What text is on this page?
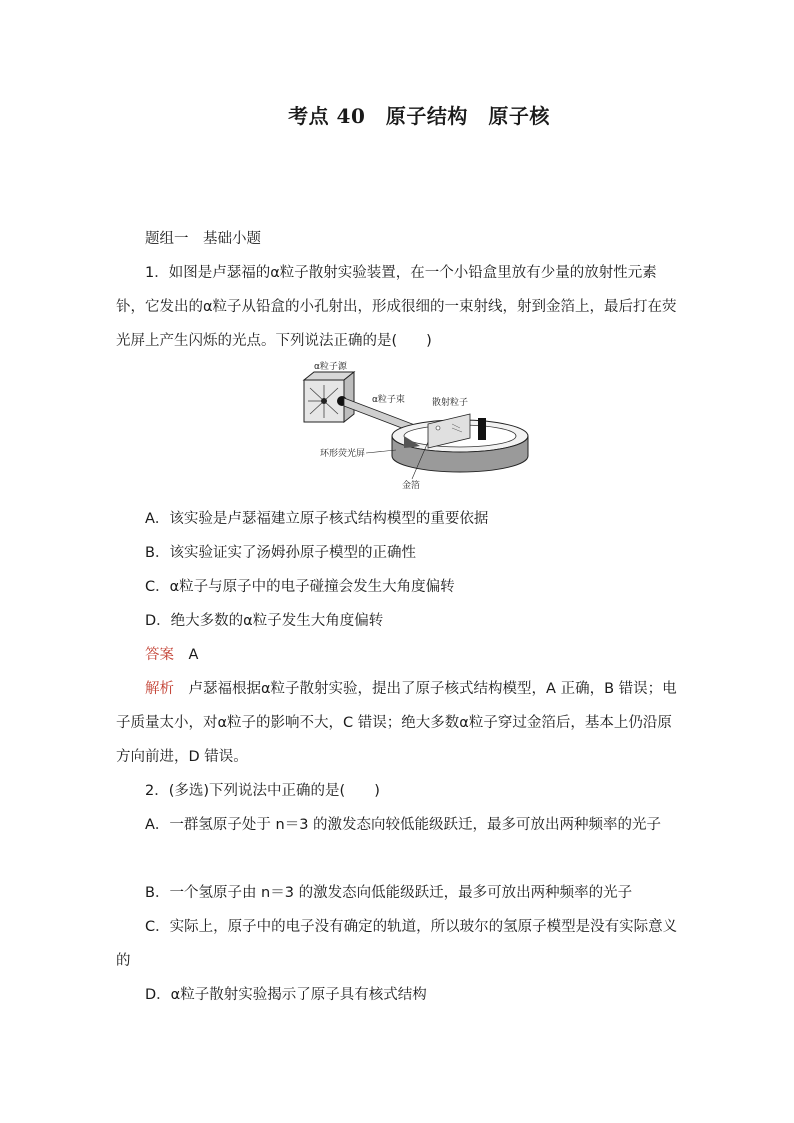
考点 40　原子结构　原子核
题组一　基础小题
1．如图是卢瑟福的α粒子散射实验装置，在一个小铅盒里放有少量的放射性元素钋，它发出的α粒子从铅盒的小孔射出，形成很细的一束射线，射到金箔上，最后打在荧光屏上产生闪烁的光点。下列说法正确的是(　　)
α粒子源
α粒子束	散射粒子
环形荧光屏
金箔
A．该实验是卢瑟福建立原子核式结构模型的重要依据
B．该实验证实了汤姆孙原子模型的正确性
C．α粒子与原子中的电子碰撞会发生大角度偏转
D．绝大多数的α粒子发生大角度偏转
答案　 A
解析　 卢瑟福根据α粒子散射实验，提出了原子核式结构模型，A 正确，B 错误；电子质量太小，对α粒子的影响不大，C 错误；绝大多数α粒子穿过金箔后，基本上仍沿原方向前进，D 错误。
2．(多选)下列说法中正确的是(　　)
A．一群氢原子处于 n＝3 的激发态向较低能级跃迁，最多可放出两种频率的光子
B．一个氢原子由 n＝3 的激发态向低能级跃迁，最多可放出两种频率的光子
C．实际上，原子中的电子没有确定的轨道，所以玻尔的氢原子模型是没有实际意义的
D．α粒子散射实验揭示了原子具有核式结构
